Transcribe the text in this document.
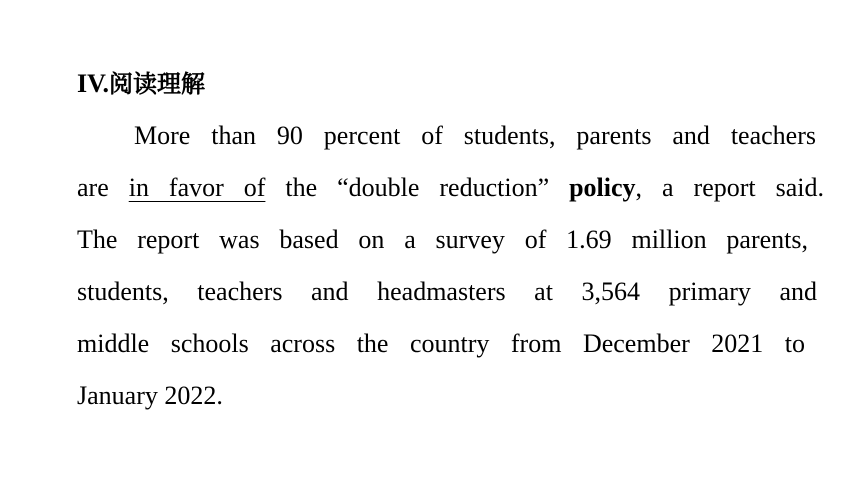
IV.阅读理解
More than 90 percent of students, parents and teachers
are in favor of the “double reduction” policy, a report said.
The report was based on a survey of 1.69 million parents,
students, teachers and headmasters at 3,564 primary and
middle schools across the country from December 2021 to
January 2022.
